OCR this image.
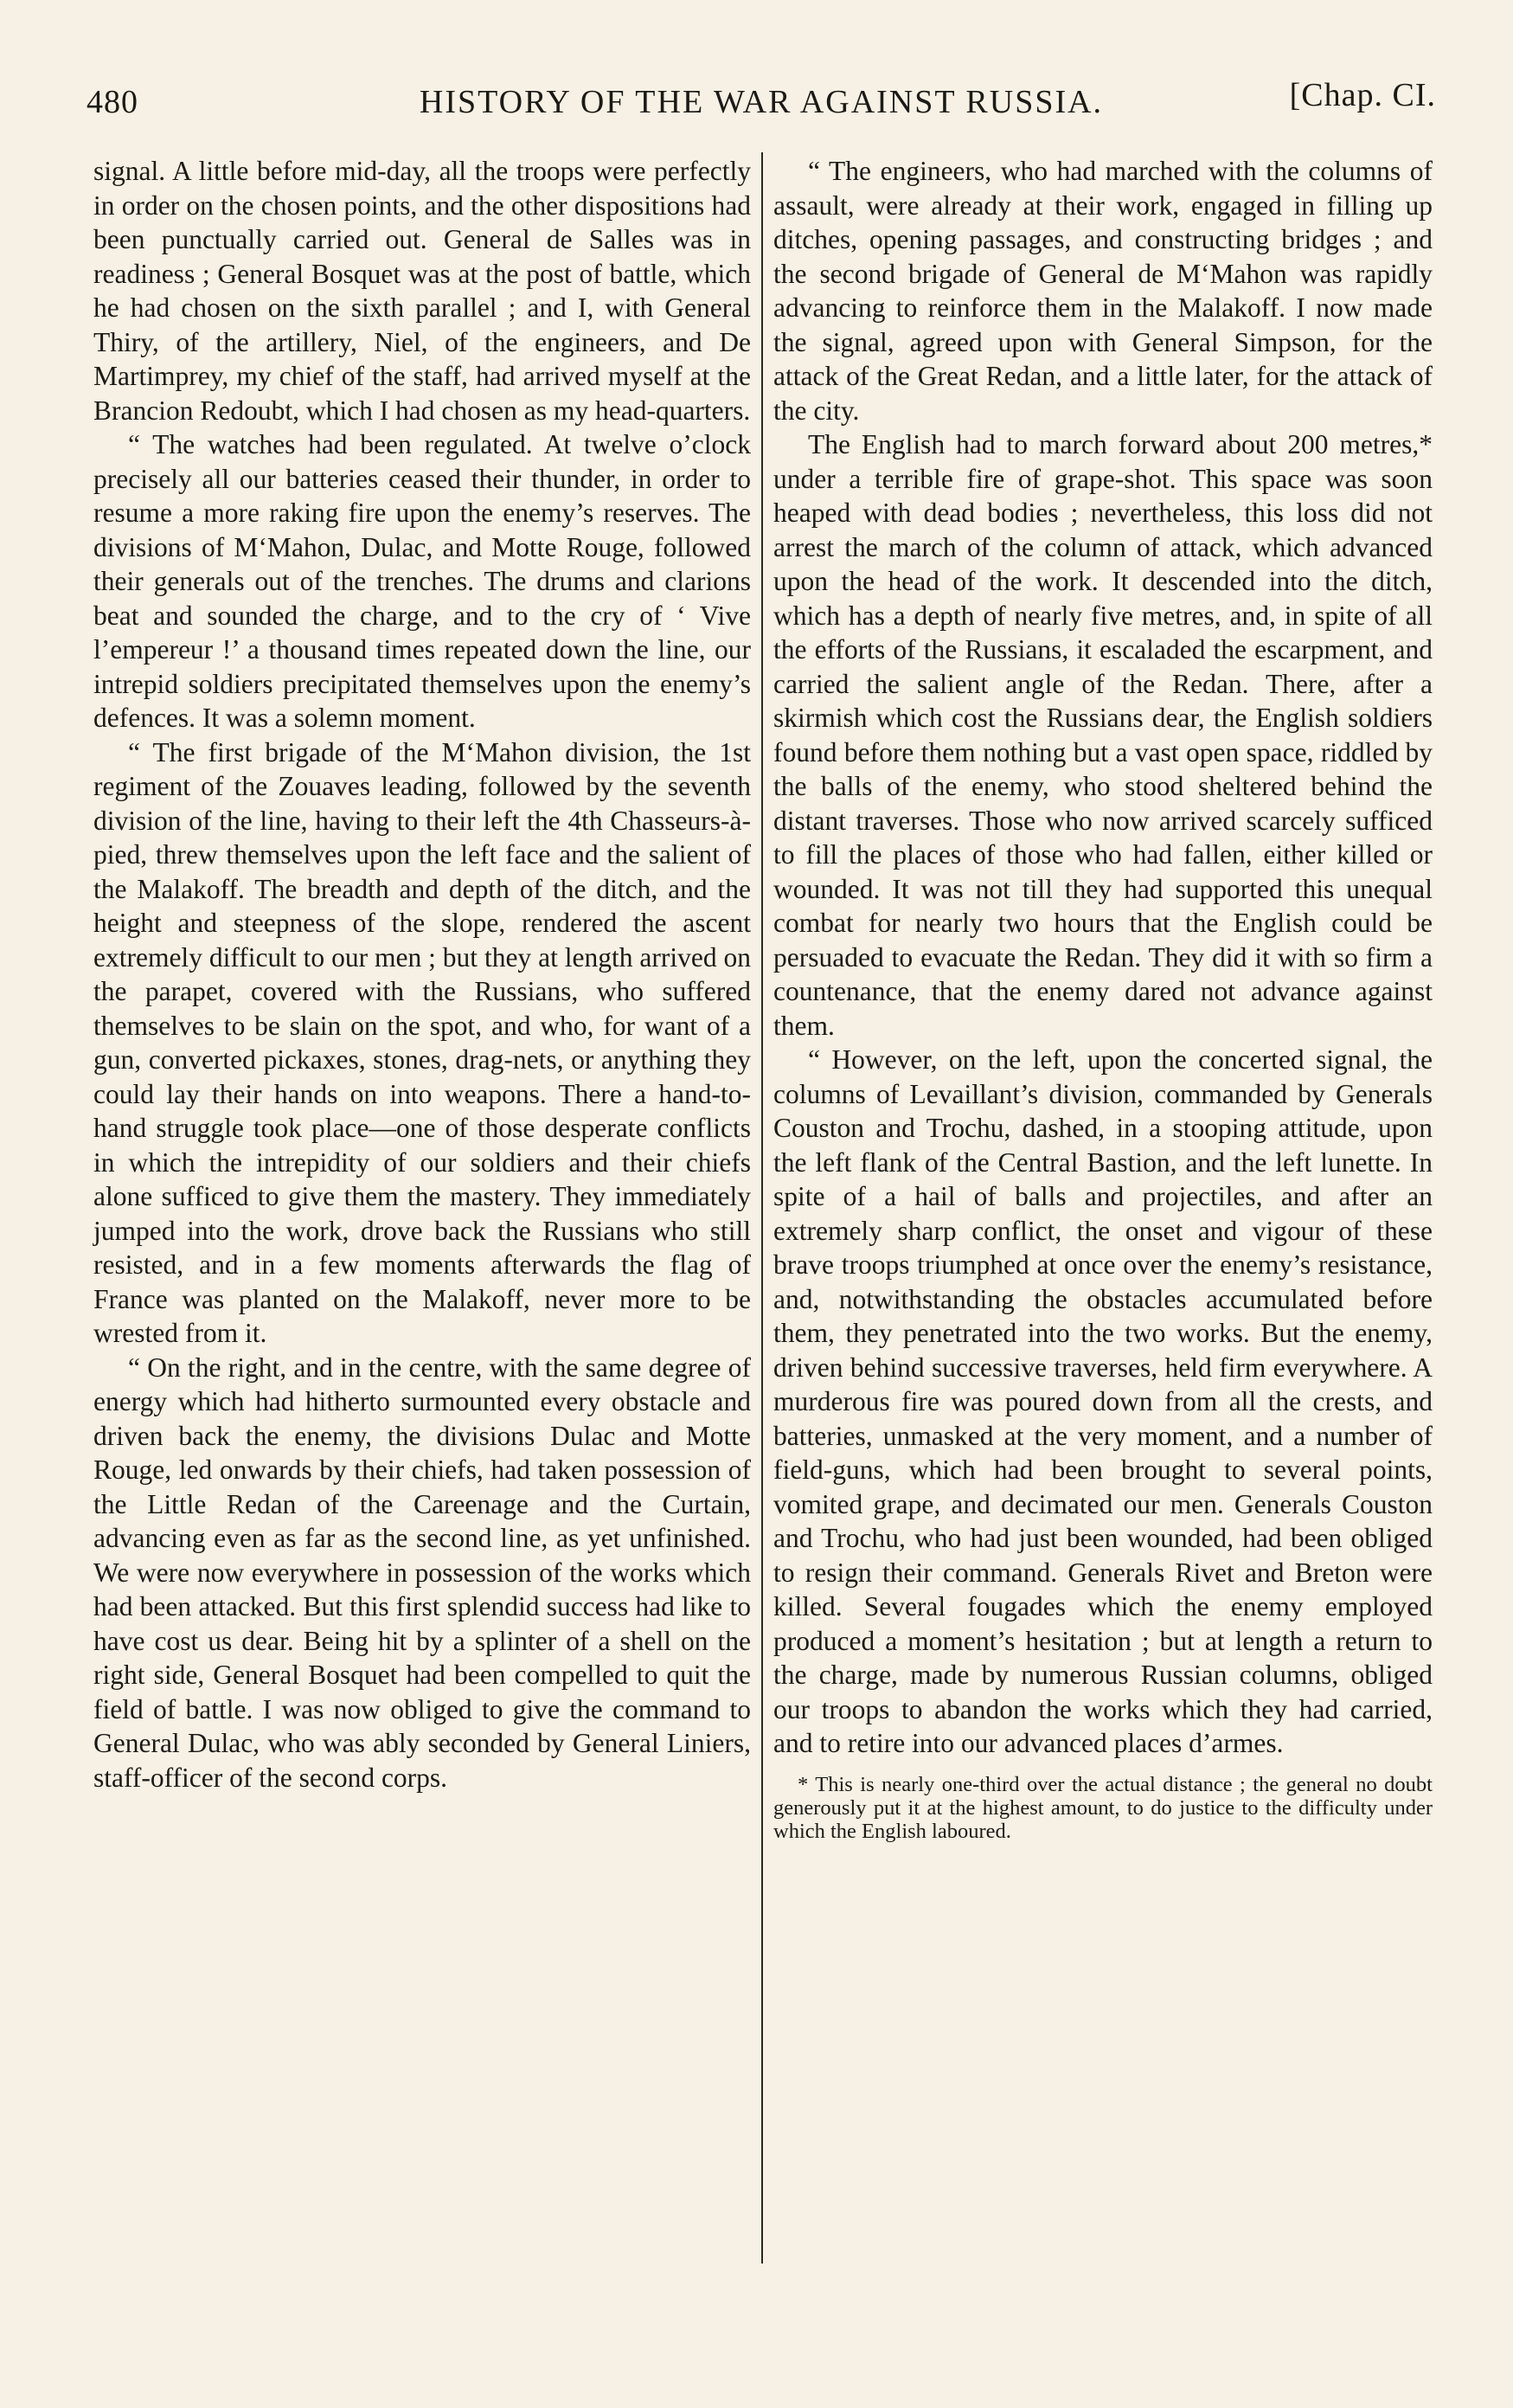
480	HISTORY OF THE WAR AGAINST RUSSIA.	[Chap. CI.

signal. A little before mid-day, all the troops were perfectly in order on the chosen points, and the other dispositions had been punctually carried out. General de Salles was in readiness ; General Bosquet was at the post of battle, which he had chosen on the sixth parallel ; and I, with General Thiry, of the artillery, Niel, of the engineers, and De Martimprey, my chief of the staff, had arrived myself at the Brancion Redoubt, which I had chosen as my head-quarters.

“ The watches had been regulated. At twelve o’clock precisely all our batteries ceased their thunder, in order to resume a more raking fire upon the enemy’s reserves. The divisions of M‘Mahon, Dulac, and Motte Rouge, followed their generals out of the trenches. The drums and clarions beat and sounded the charge, and to the cry of ‘ Vive l’empereur !’ a thousand times repeated down the line, our intrepid soldiers precipitated themselves upon the enemy’s defences. It was a solemn moment.

“ The first brigade of the M‘Mahon division, the 1st regiment of the Zouaves leading, followed by the seventh division of the line, having to their left the 4th Chasseurs-à-pied, threw themselves upon the left face and the salient of the Malakoff. The breadth and depth of the ditch, and the height and steepness of the slope, rendered the ascent extremely difficult to our men ; but they at length arrived on the parapet, covered with the Russians, who suffered themselves to be slain on the spot, and who, for want of a gun, converted pickaxes, stones, drag-nets, or anything they could lay their hands on into weapons. There a hand-to-hand struggle took place—one of those desperate conflicts in which the intrepidity of our soldiers and their chiefs alone sufficed to give them the mastery. They immediately jumped into the work, drove back the Russians who still resisted, and in a few moments afterwards the flag of France was planted on the Malakoff, never more to be wrested from it.

“ On the right, and in the centre, with the same degree of energy which had hitherto surmounted every obstacle and driven back the enemy, the divisions Dulac and Motte Rouge, led onwards by their chiefs, had taken possession of the Little Redan of the Careenage and the Curtain, advancing even as far as the second line, as yet unfinished. We were now everywhere in possession of the works which had been attacked. But this first splendid success had like to have cost us dear. Being hit by a splinter of a shell on the right side, General Bosquet had been compelled to quit the field of battle. I was now obliged to give the command to General Dulac, who was ably seconded by General Liniers, staff-officer of the second corps.

“ The engineers, who had marched with the columns of assault, were already at their work, engaged in filling up ditches, opening passages, and constructing bridges ; and the second brigade of General de M‘Mahon was rapidly advancing to reinforce them in the Malakoff. I now made the signal, agreed upon with General Simpson, for the attack of the Great Redan, and a little later, for the attack of the city.

The English had to march forward about 200 metres,* under a terrible fire of grape-shot. This space was soon heaped with dead bodies ; nevertheless, this loss did not arrest the march of the column of attack, which advanced upon the head of the work. It descended into the ditch, which has a depth of nearly five metres, and, in spite of all the efforts of the Russians, it escaladed the escarpment, and carried the salient angle of the Redan. There, after a skirmish which cost the Russians dear, the English soldiers found before them nothing but a vast open space, riddled by the balls of the enemy, who stood sheltered behind the distant traverses. Those who now arrived scarcely sufficed to fill the places of those who had fallen, either killed or wounded. It was not till they had supported this unequal combat for nearly two hours that the English could be persuaded to evacuate the Redan. They did it with so firm a countenance, that the enemy dared not advance against them.

“ However, on the left, upon the concerted signal, the columns of Levaillant’s division, commanded by Generals Couston and Trochu, dashed, in a stooping attitude, upon the left flank of the Central Bastion, and the left lunette. In spite of a hail of balls and projectiles, and after an extremely sharp conflict, the onset and vigour of these brave troops triumphed at once over the enemy’s resistance, and, notwithstanding the obstacles accumulated before them, they penetrated into the two works. But the enemy, driven behind successive traverses, held firm everywhere. A murderous fire was poured down from all the crests, and batteries, unmasked at the very moment, and a number of field-guns, which had been brought to several points, vomited grape, and decimated our men. Generals Couston and Trochu, who had just been wounded, had been obliged to resign their command. Generals Rivet and Breton were killed. Several fougades which the enemy employed produced a moment’s hesitation ; but at length a return to the charge, made by numerous Russian columns, obliged our troops to abandon the works which they had carried, and to retire into our advanced places d’armes.

* This is nearly one-third over the actual distance ; the general no doubt generously put it at the highest amount, to do justice to the difficulty under which the English laboured.
